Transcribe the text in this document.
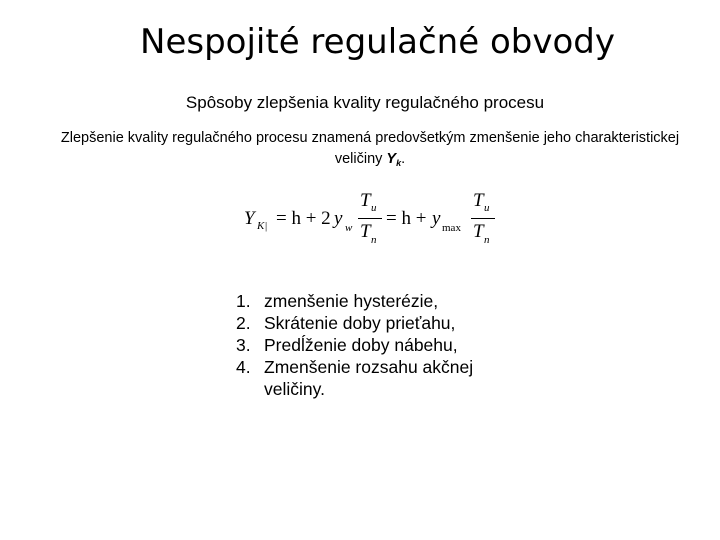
Nespojité regulačné obvody
Spôsoby zlepšenia kvality regulačného procesu
Zlepšenie kvality regulačného procesu znamená predovšetkým zmenšenie jeho charakteristickej veličiny $Y_k$.
Y K| = h + 2 y w
T u
T n
= h + y max
T u
T n
1. zmenšenie hysterézie,
2. Skrátenie doby prieťahu,
3. Predĺženie doby nábehu,
4. Zmenšenie rozsahu akčnej veličiny.
